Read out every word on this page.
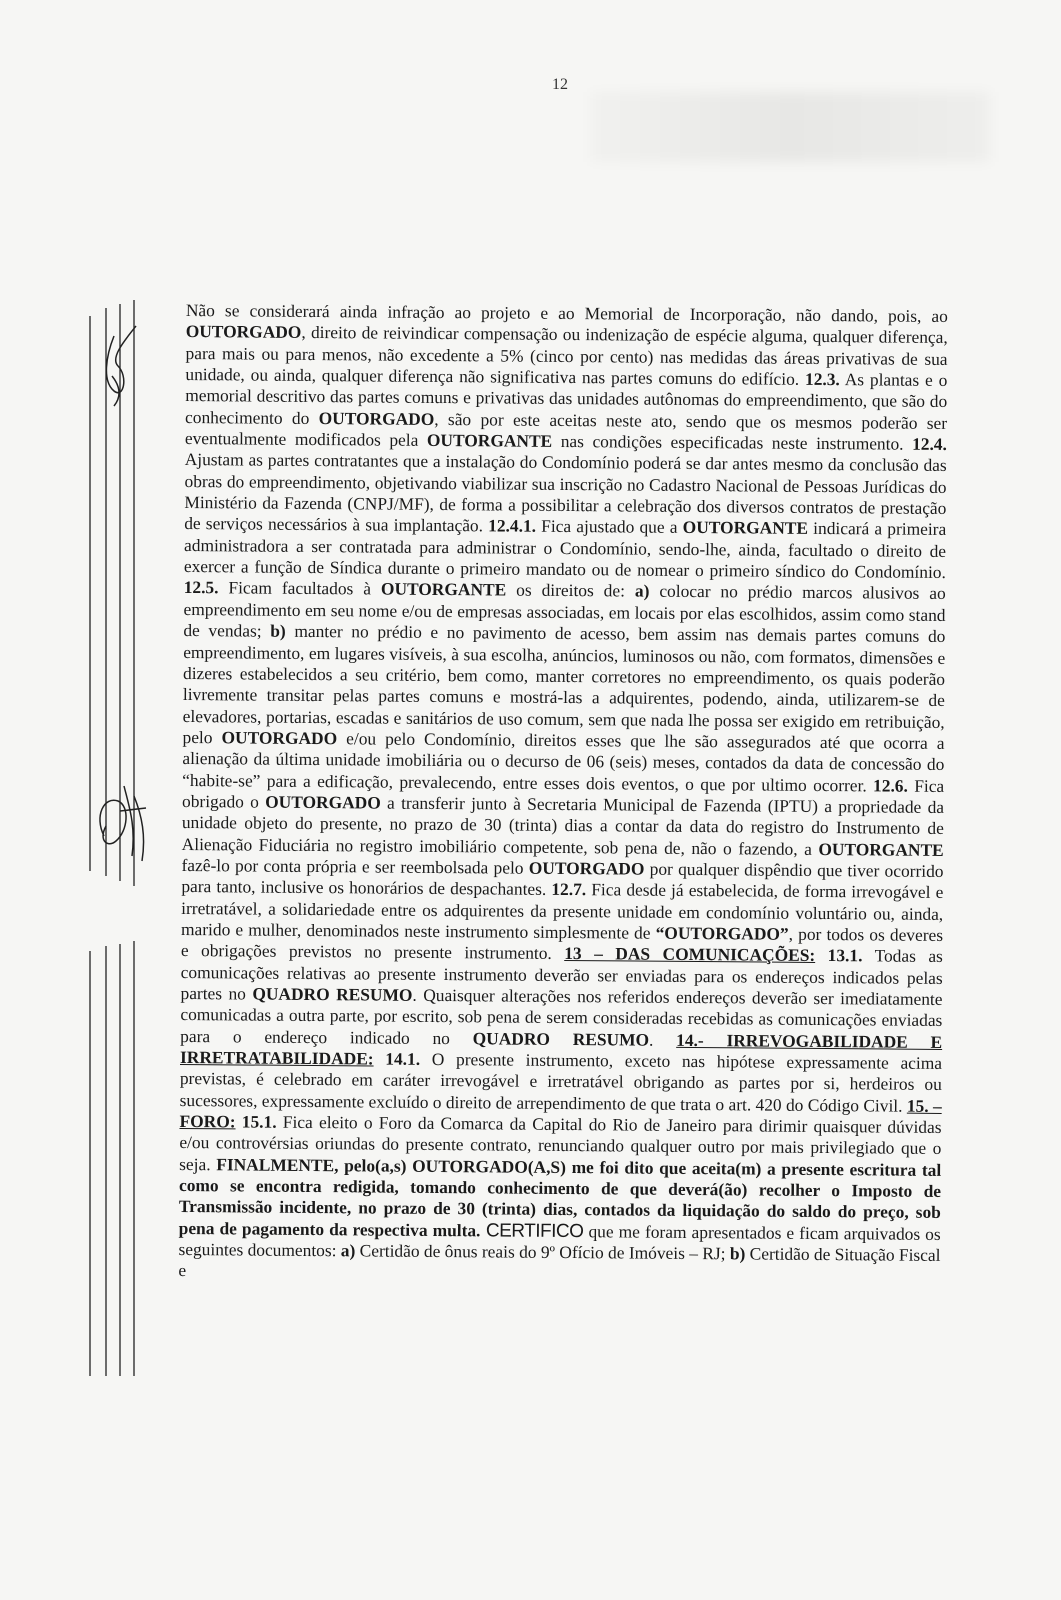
12
Não se considerará ainda infração ao projeto e ao Memorial de Incorporação, não dando, pois, ao OUTORGADO, direito de reivindicar compensação ou indenização de espécie alguma, qualquer diferença, para mais ou para menos, não excedente a 5% (cinco por cento) nas medidas das áreas privativas de sua unidade, ou ainda, qualquer diferença não significativa nas partes comuns do edifício. 12.3. As plantas e o memorial descritivo das partes comuns e privativas das unidades autônomas do empreendimento, que são do conhecimento do OUTORGADO, são por este aceitas neste ato, sendo que os mesmos poderão ser eventualmente modificados pela OUTORGANTE nas condições especificadas neste instrumento. 12.4. Ajustam as partes contratantes que a instalação do Condomínio poderá se dar antes mesmo da conclusão das obras do empreendimento, objetivando viabilizar sua inscrição no Cadastro Nacional de Pessoas Jurídicas do Ministério da Fazenda (CNPJ/MF), de forma a possibilitar a celebração dos diversos contratos de prestação de serviços necessários à sua implantação. 12.4.1. Fica ajustado que a OUTORGANTE indicará a primeira administradora a ser contratada para administrar o Condomínio, sendo-lhe, ainda, facultado o direito de exercer a função de Síndica durante o primeiro mandato ou de nomear o primeiro síndico do Condomínio. 12.5. Ficam facultados à OUTORGANTE os direitos de: a) colocar no prédio marcos alusivos ao empreendimento em seu nome e/ou de empresas associadas, em locais por elas escolhidos, assim como stand de vendas; b) manter no prédio e no pavimento de acesso, bem assim nas demais partes comuns do empreendimento, em lugares visíveis, à sua escolha, anúncios, luminosos ou não, com formatos, dimensões e dizeres estabelecidos a seu critério, bem como, manter corretores no empreendimento, os quais poderão livremente transitar pelas partes comuns e mostrá-las a adquirentes, podendo, ainda, utilizarem-se de elevadores, portarias, escadas e sanitários de uso comum, sem que nada lhe possa ser exigido em retribuição, pelo OUTORGADO e/ou pelo Condomínio, direitos esses que lhe são assegurados até que ocorra a alienação da última unidade imobiliária ou o decurso de 06 (seis) meses, contados da data de concessão do “habite-se” para a edificação, prevalecendo, entre esses dois eventos, o que por ultimo ocorrer. 12.6. Fica obrigado o OUTORGADO a transferir junto à Secretaria Municipal de Fazenda (IPTU) a propriedade da unidade objeto do presente, no prazo de 30 (trinta) dias a contar da data do registro do Instrumento de Alienação Fiduciária no registro imobiliário competente, sob pena de, não o fazendo, a OUTORGANTE fazê-lo por conta própria e ser reembolsada pelo OUTORGADO por qualquer dispêndio que tiver ocorrido para tanto, inclusive os honorários de despachantes. 12.7. Fica desde já estabelecida, de forma irrevogável e irretratável, a solidariedade entre os adquirentes da presente unidade em condomínio voluntário ou, ainda, marido e mulher, denominados neste instrumento simplesmente de “OUTORGADO”, por todos os deveres e obrigações previstos no presente instrumento. 13 – DAS COMUNICAÇÕES: 13.1. Todas as comunicações relativas ao presente instrumento deverão ser enviadas para os endereços indicados pelas partes no QUADRO RESUMO. Quaisquer alterações nos referidos endereços deverão ser imediatamente comunicadas a outra parte, por escrito, sob pena de serem consideradas recebidas as comunicações enviadas para o endereço indicado no QUADRO RESUMO. 14.- IRREVOGABILIDADE E IRRETRATABILIDADE: 14.1. O presente instrumento, exceto nas hipótese expressamente acima previstas, é celebrado em caráter irrevogável e irretratável obrigando as partes por si, herdeiros ou sucessores, expressamente excluído o direito de arrependimento de que trata o art. 420 do Código Civil. 15. – FORO: 15.1. Fica eleito o Foro da Comarca da Capital do Rio de Janeiro para dirimir quaisquer dúvidas e/ou controvérsias oriundas do presente contrato, renunciando qualquer outro por mais privilegiado que o seja. FINALMENTE, pelo(a,s) OUTORGADO(A,S) me foi dito que aceita(m) a presente escritura tal como se encontra redigida, tomando conhecimento de que deverá(ão) recolher o Imposto de Transmissão incidente, no prazo de 30 (trinta) dias, contados da liquidação do saldo do preço, sob pena de pagamento da respectiva multa. CERTIFICO que me foram apresentados e ficam arquivados os seguintes documentos: a) Certidão de ônus reais do 9º Ofício de Imóveis – RJ; b) Certidão de Situação Fiscal e
